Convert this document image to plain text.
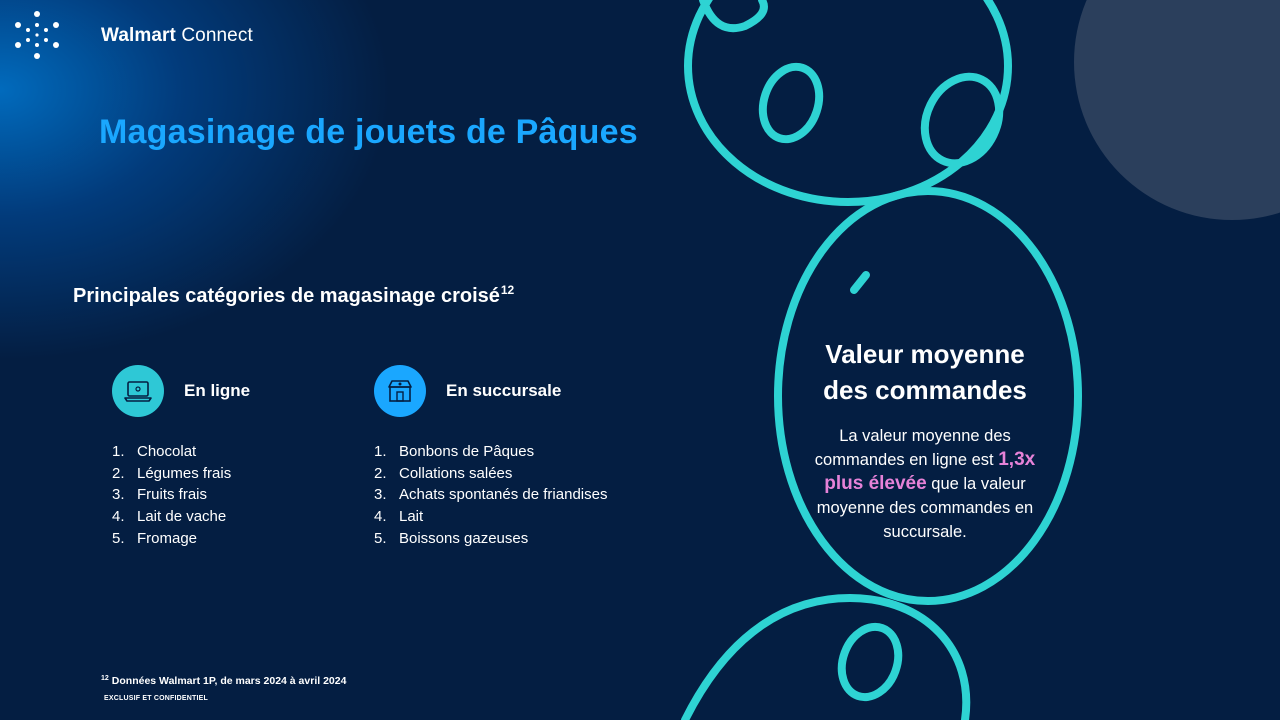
Walmart Connect
Magasinage de jouets de Pâques
Principales catégories de magasinage croisé$^{12}$
En ligne
1. Chocolat
2. Légumes frais
3. Fruits frais
4. Lait de vache
5. Fromage
En succursale
1. Bonbons de Pâques
2. Collations salées
3. Achats spontanés de friandises
4. Lait
5. Boissons gazeuses
Valeur moyenne
des commandes
La valeur moyenne des commandes en ligne est 1,3x plus élevée que la valeur moyenne des commandes en succursale.
$^{12}$ Données Walmart 1P, de mars 2024 à avril 2024
EXCLUSIF ET CONFIDENTIEL
